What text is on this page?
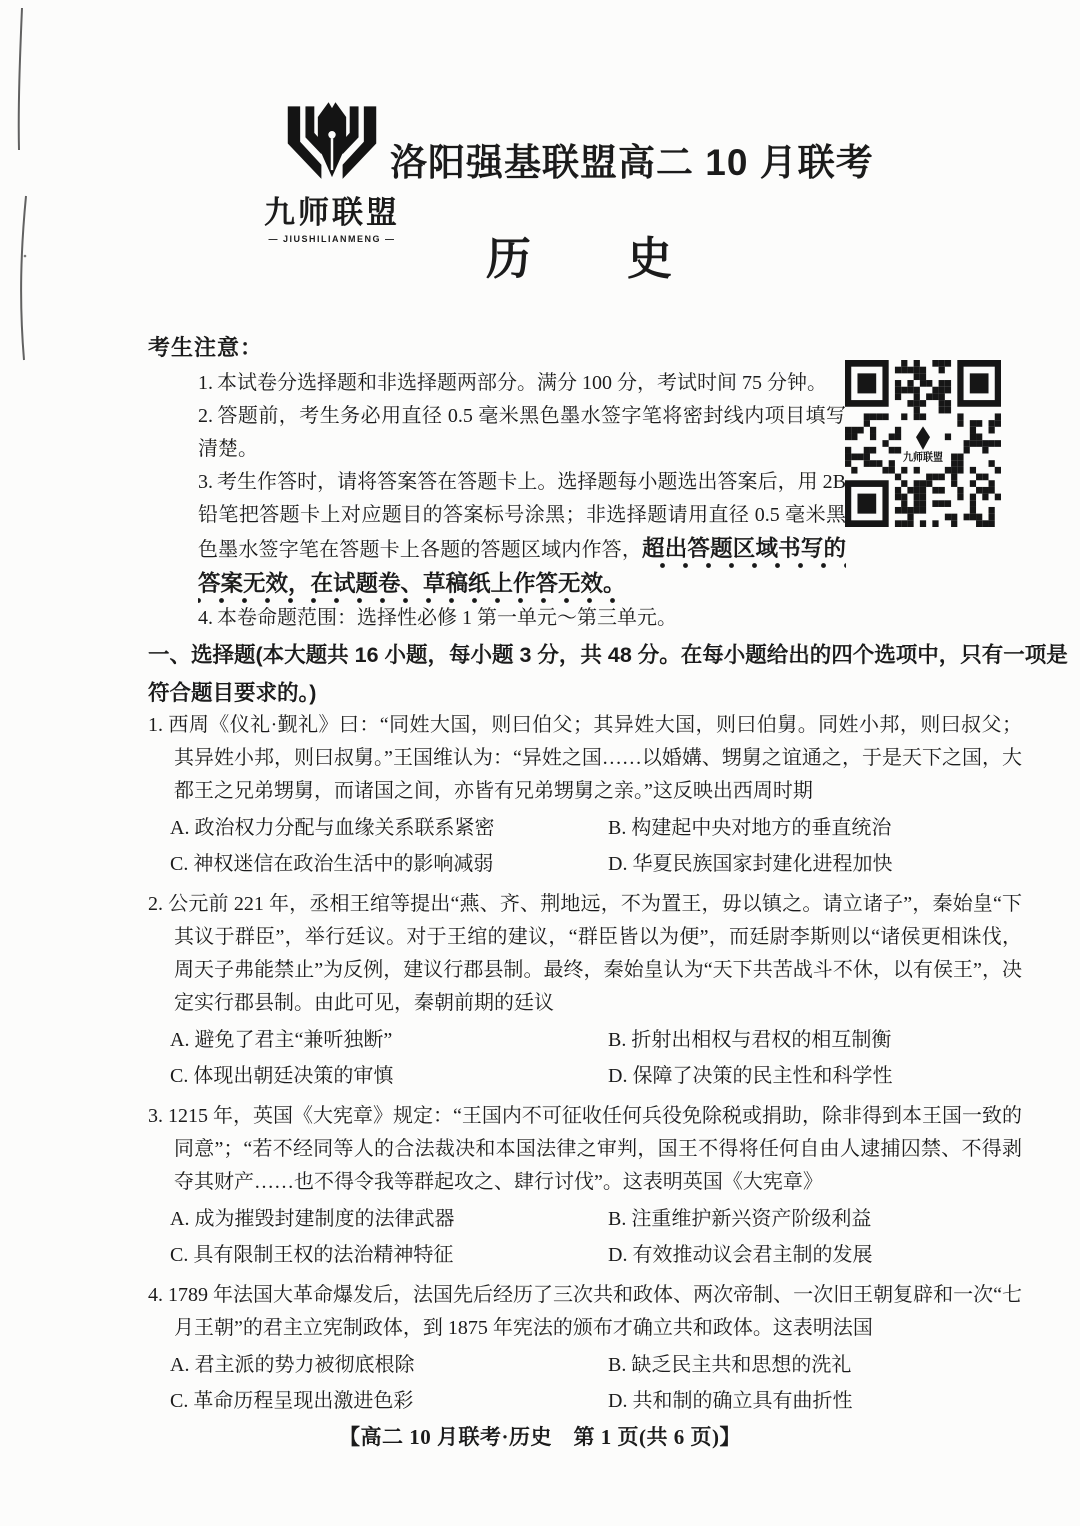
九师联盟
— JIUSHILIANMENG —
洛阳强基联盟高二 10 月联考
历　　史
九师联盟
考生注意：
1. 本试卷分选择题和非选择题两部分。满分 100 分，考试时间 75 分钟。
2. 答题前，考生务必用直径 0.5 毫米黑色墨水签字笔将密封线内项目填写清楚。
3. 考生作答时，请将答案答在答题卡上。选择题每小题选出答案后，用 2B 铅笔把答题卡上对应题目的答案标号涂黑；非选择题请用直径 0.5 毫米黑色墨水签字笔在答题卡上各题的答题区域内作答，超出答题区域书写的答案无效，在试题卷、草稿纸上作答无效。
4. 本卷命题范围：选择性必修 1 第一单元～第三单元。
一、选择题(本大题共 16 小题，每小题 3 分，共 48 分。在每小题给出的四个选项中，只有一项是符合题目要求的。)
1. 西周《仪礼·觐礼》曰：“同姓大国，则曰伯父；其异姓大国，则曰伯舅。同姓小邦，则曰叔父；其异姓小邦，则曰叔舅。”王国维认为：“异姓之国……以婚媾、甥舅之谊通之，于是天下之国，大都王之兄弟甥舅，而诸国之间，亦皆有兄弟甥舅之亲。”这反映出西周时期
A. 政治权力分配与血缘关系联系紧密	B. 构建起中央对地方的垂直统治
C. 神权迷信在政治生活中的影响减弱	D. 华夏民族国家封建化进程加快
2. 公元前 221 年，丞相王绾等提出“燕、齐、荆地远，不为置王，毋以镇之。请立诸子”，秦始皇“下其议于群臣”，举行廷议。对于王绾的建议，“群臣皆以为便”，而廷尉李斯则以“诸侯更相诛伐，周天子弗能禁止”为反例，建议行郡县制。最终，秦始皇认为“天下共苦战斗不休，以有侯王”，决定实行郡县制。由此可见，秦朝前期的廷议
A. 避免了君主“兼听独断”	B. 折射出相权与君权的相互制衡
C. 体现出朝廷决策的审慎	D. 保障了决策的民主性和科学性
3. 1215 年，英国《大宪章》规定：“王国内不可征收任何兵役免除税或捐助，除非得到本王国一致的同意”；“若不经同等人的合法裁决和本国法律之审判，国王不得将任何自由人逮捕囚禁、不得剥夺其财产……也不得令我等群起攻之、肆行讨伐”。这表明英国《大宪章》
A. 成为摧毁封建制度的法律武器	B. 注重维护新兴资产阶级利益
C. 具有限制王权的法治精神特征	D. 有效推动议会君主制的发展
4. 1789 年法国大革命爆发后，法国先后经历了三次共和政体、两次帝制、一次旧王朝复辟和一次“七月王朝”的君主立宪制政体，到 1875 年宪法的颁布才确立共和政体。这表明法国
A. 君主派的势力被彻底根除	B. 缺乏民主共和思想的洗礼
C. 革命历程呈现出激进色彩	D. 共和制的确立具有曲折性
【高二 10 月联考·历史　第 1 页(共 6 页)】
